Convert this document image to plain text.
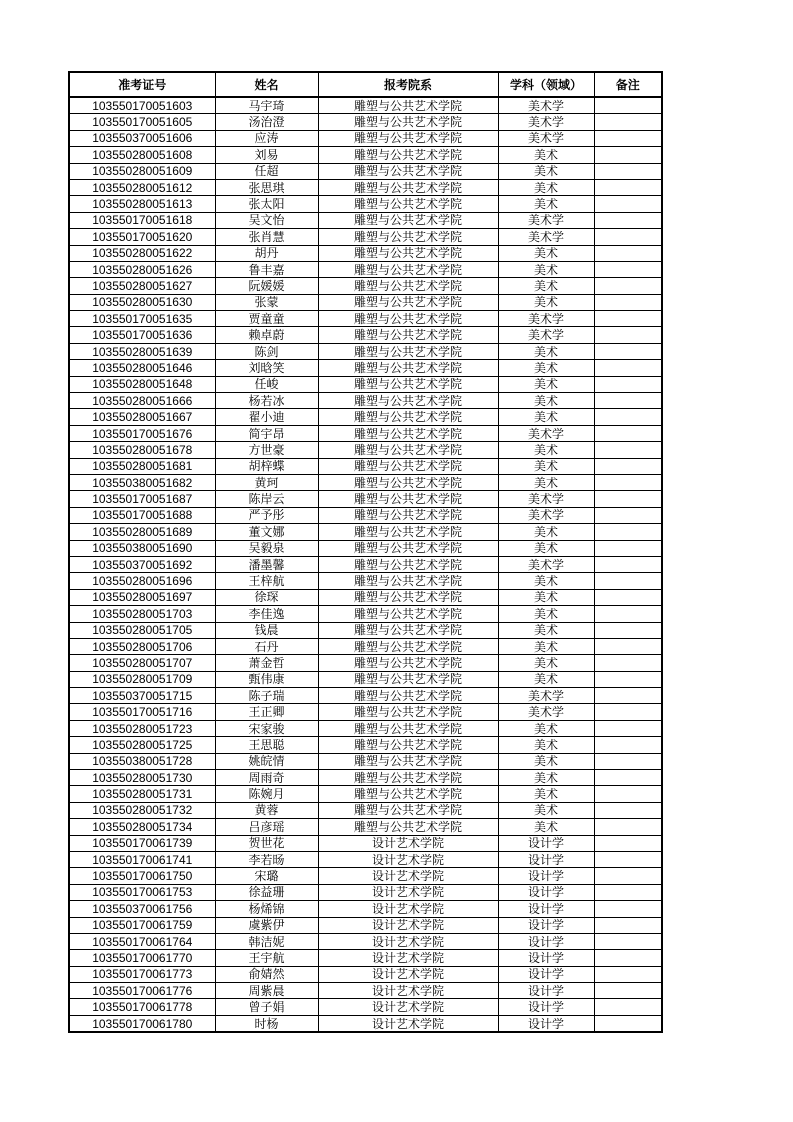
准考证号	姓名	报考院系	学科（领域）	备注
103550170051603	马宇琦	雕塑与公共艺术学院	美术学	
103550170051605	汤治澄	雕塑与公共艺术学院	美术学	
103550370051606	应涛	雕塑与公共艺术学院	美术学	
103550280051608	刘易	雕塑与公共艺术学院	美术	
103550280051609	任超	雕塑与公共艺术学院	美术	
103550280051612	张思琪	雕塑与公共艺术学院	美术	
103550280051613	张太阳	雕塑与公共艺术学院	美术	
103550170051618	吴文怡	雕塑与公共艺术学院	美术学	
103550170051620	张肖慧	雕塑与公共艺术学院	美术学	
103550280051622	胡丹	雕塑与公共艺术学院	美术	
103550280051626	鲁丰嘉	雕塑与公共艺术学院	美术	
103550280051627	阮媛媛	雕塑与公共艺术学院	美术	
103550280051630	张蒙	雕塑与公共艺术学院	美术	
103550170051635	贾童童	雕塑与公共艺术学院	美术学	
103550170051636	赖卓蔚	雕塑与公共艺术学院	美术学	
103550280051639	陈剑	雕塑与公共艺术学院	美术	
103550280051646	刘晗笑	雕塑与公共艺术学院	美术	
103550280051648	任峻	雕塑与公共艺术学院	美术	
103550280051666	杨若冰	雕塑与公共艺术学院	美术	
103550280051667	翟小迪	雕塑与公共艺术学院	美术	
103550170051676	简宇昂	雕塑与公共艺术学院	美术学	
103550280051678	方世豪	雕塑与公共艺术学院	美术	
103550280051681	胡梓蝶	雕塑与公共艺术学院	美术	
103550380051682	黄珂	雕塑与公共艺术学院	美术	
103550170051687	陈岸云	雕塑与公共艺术学院	美术学	
103550170051688	严予彤	雕塑与公共艺术学院	美术学	
103550280051689	董文娜	雕塑与公共艺术学院	美术	
103550380051690	吴毅泉	雕塑与公共艺术学院	美术	
103550370051692	潘墨馨	雕塑与公共艺术学院	美术学	
103550280051696	王梓航	雕塑与公共艺术学院	美术	
103550280051697	徐琛	雕塑与公共艺术学院	美术	
103550280051703	李佳逸	雕塑与公共艺术学院	美术	
103550280051705	钱晨	雕塑与公共艺术学院	美术	
103550280051706	石丹	雕塑与公共艺术学院	美术	
103550280051707	萧金哲	雕塑与公共艺术学院	美术	
103550280051709	甄伟康	雕塑与公共艺术学院	美术	
103550370051715	陈子瑞	雕塑与公共艺术学院	美术学	
103550170051716	王正卿	雕塑与公共艺术学院	美术学	
103550280051723	宋家骏	雕塑与公共艺术学院	美术	
103550280051725	王思聪	雕塑与公共艺术学院	美术	
103550380051728	姚皖情	雕塑与公共艺术学院	美术	
103550280051730	周雨奇	雕塑与公共艺术学院	美术	
103550280051731	陈婉月	雕塑与公共艺术学院	美术	
103550280051732	黄蓉	雕塑与公共艺术学院	美术	
103550280051734	吕彦瑶	雕塑与公共艺术学院	美术	
103550170061739	贺世花	设计艺术学院	设计学	
103550170061741	李若旸	设计艺术学院	设计学	
103550170061750	宋璐	设计艺术学院	设计学	
103550170061753	徐益珊	设计艺术学院	设计学	
103550370061756	杨烯锦	设计艺术学院	设计学	
103550170061759	虞紫伊	设计艺术学院	设计学	
103550170061764	韩洁妮	设计艺术学院	设计学	
103550170061770	王宇航	设计艺术学院	设计学	
103550170061773	俞婧然	设计艺术学院	设计学	
103550170061776	周紫晨	设计艺术学院	设计学	
103550170061778	曾子娟	设计艺术学院	设计学	
103550170061780	时杨	设计艺术学院	设计学	
